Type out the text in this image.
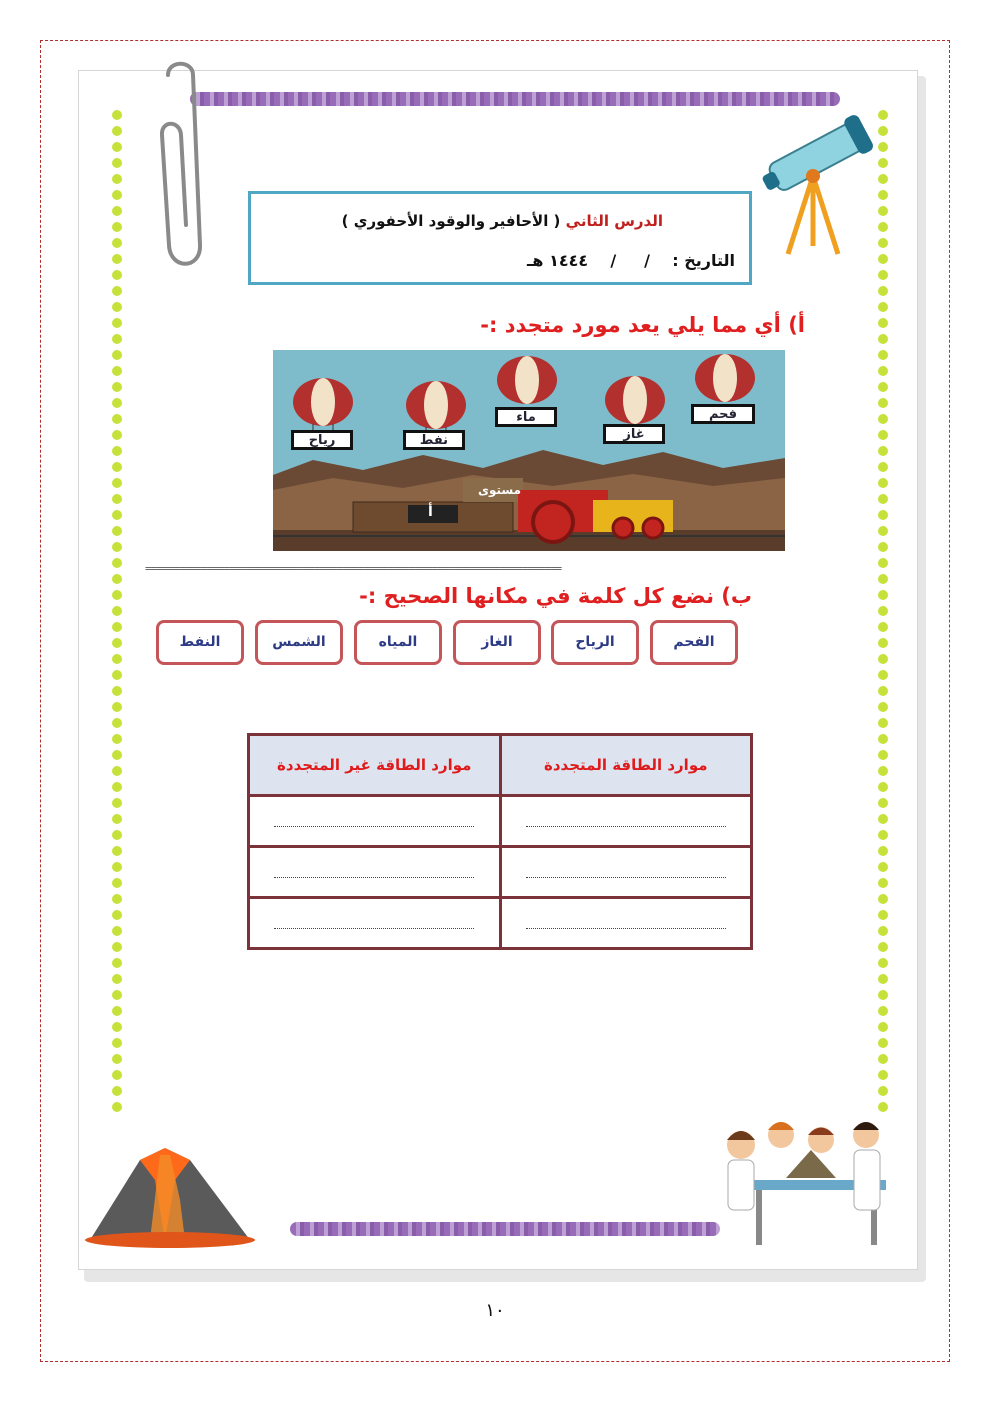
الدرس الثاني ( الأحافير والوقود الأحفوري )
التاريخ :    /     /    ١٤٤٤ هـ
أ) أي مما يلي يعد مورد متجدد :-
رياح	نفط
ماء
غاز
فحم
مستوى
أ
==========================================================================
ب) نضع كل كلمة في مكانها الصحيح :-
الفحم
الرياح
الغاز
المياه
الشمس
النفط
موارد الطاقة المتجددة	موارد الطاقة غير المتجددة

١٠
